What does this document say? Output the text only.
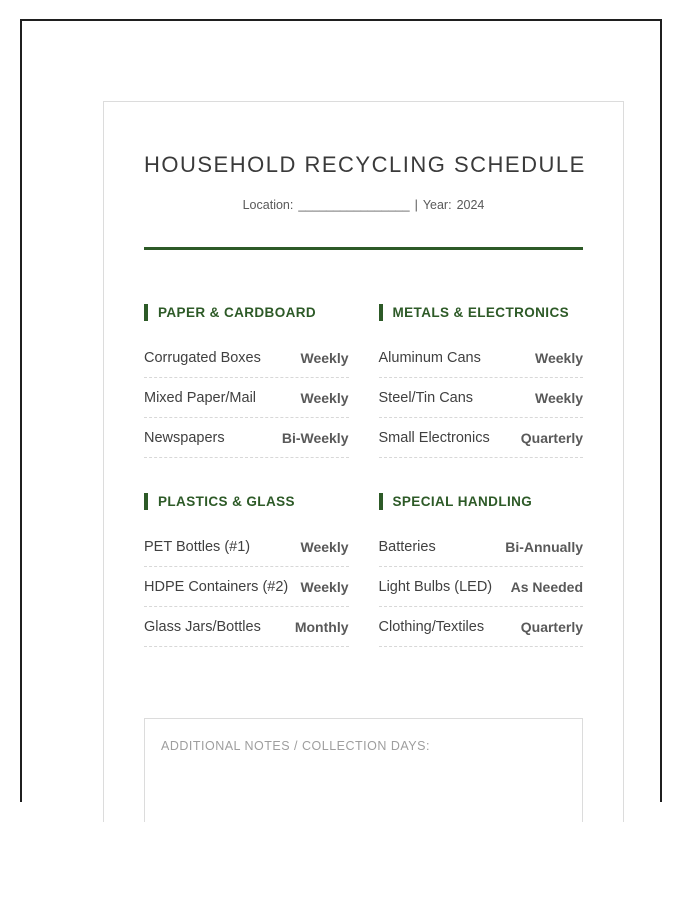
HOUSEHOLD RECYCLING SCHEDULE
Location: ________________ | Year: 2024
PAPER & CARDBOARD
Corrugated Boxes	Weekly
Mixed Paper/Mail	Weekly
Newspapers	Bi-Weekly
METALS & ELECTRONICS
Aluminum Cans	Weekly
Steel/Tin Cans	Weekly
Small Electronics Quarterly
PLASTICS & GLASS
PET Bottles (#1)	Weekly
HDPE Containers (#2) Weekly
Glass Jars/Bottles Monthly
SPECIAL HANDLING
Batteries	Bi-Annually
Light Bulbs (LED) As Needed
Clothing/Textiles	Quarterly
ADDITIONAL NOTES / COLLECTION DAYS:
